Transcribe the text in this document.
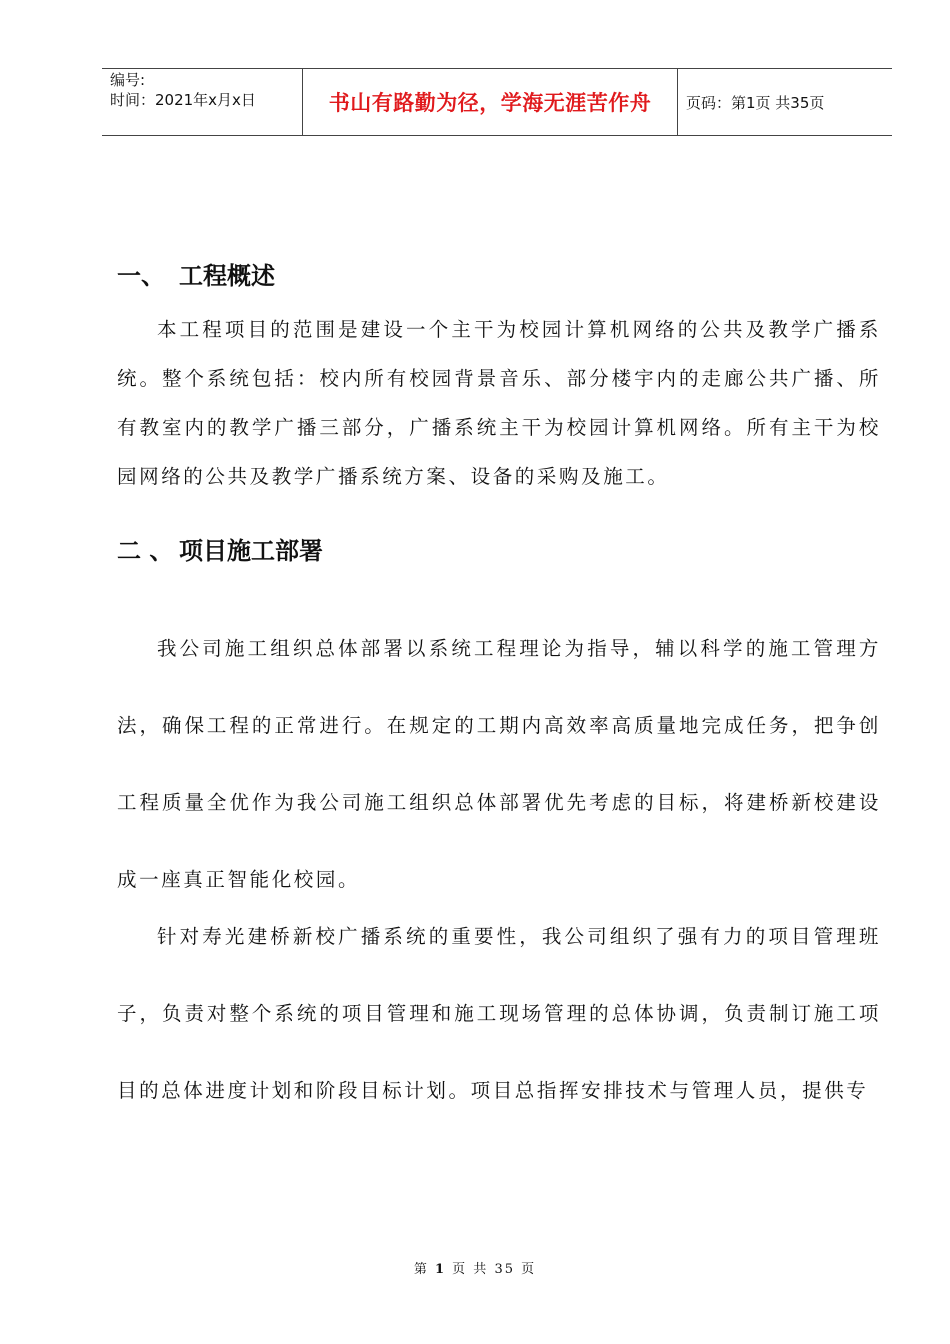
编号:
时间：2021年x月x日	书山有路勤为径，学海无涯苦作舟 页码：第1页 共35页
一、 工程概述

本工程项目的范围是建设一个主干为校园计算机网络的公共及教学广播系统。整个系统包括：校内所有校园背景音乐、部分楼宇内的走廊公共广播、所有教室内的教学广播三部分，广播系统主干为校园计算机网络。所有主干为校园网络的公共及教学广播系统方案、设备的采购及施工。

二 、 项目施工部署

我公司施工组织总体部署以系统工程理论为指导，辅以科学的施工管理方法，确保工程的正常进行。在规定的工期内高效率高质量地完成任务，把争创工程质量全优作为我公司施工组织总体部署优先考虑的目标，将建桥新校建设成一座真正智能化校园。

针对寿光建桥新校广播系统的重要性，我公司组织了强有力的项目管理班子，负责对整个系统的项目管理和施工现场管理的总体协调，负责制订施工项目的总体进度计划和阶段目标计划。项目总指挥安排技术与管理人员，提供专

第 1 页 共 35 页
